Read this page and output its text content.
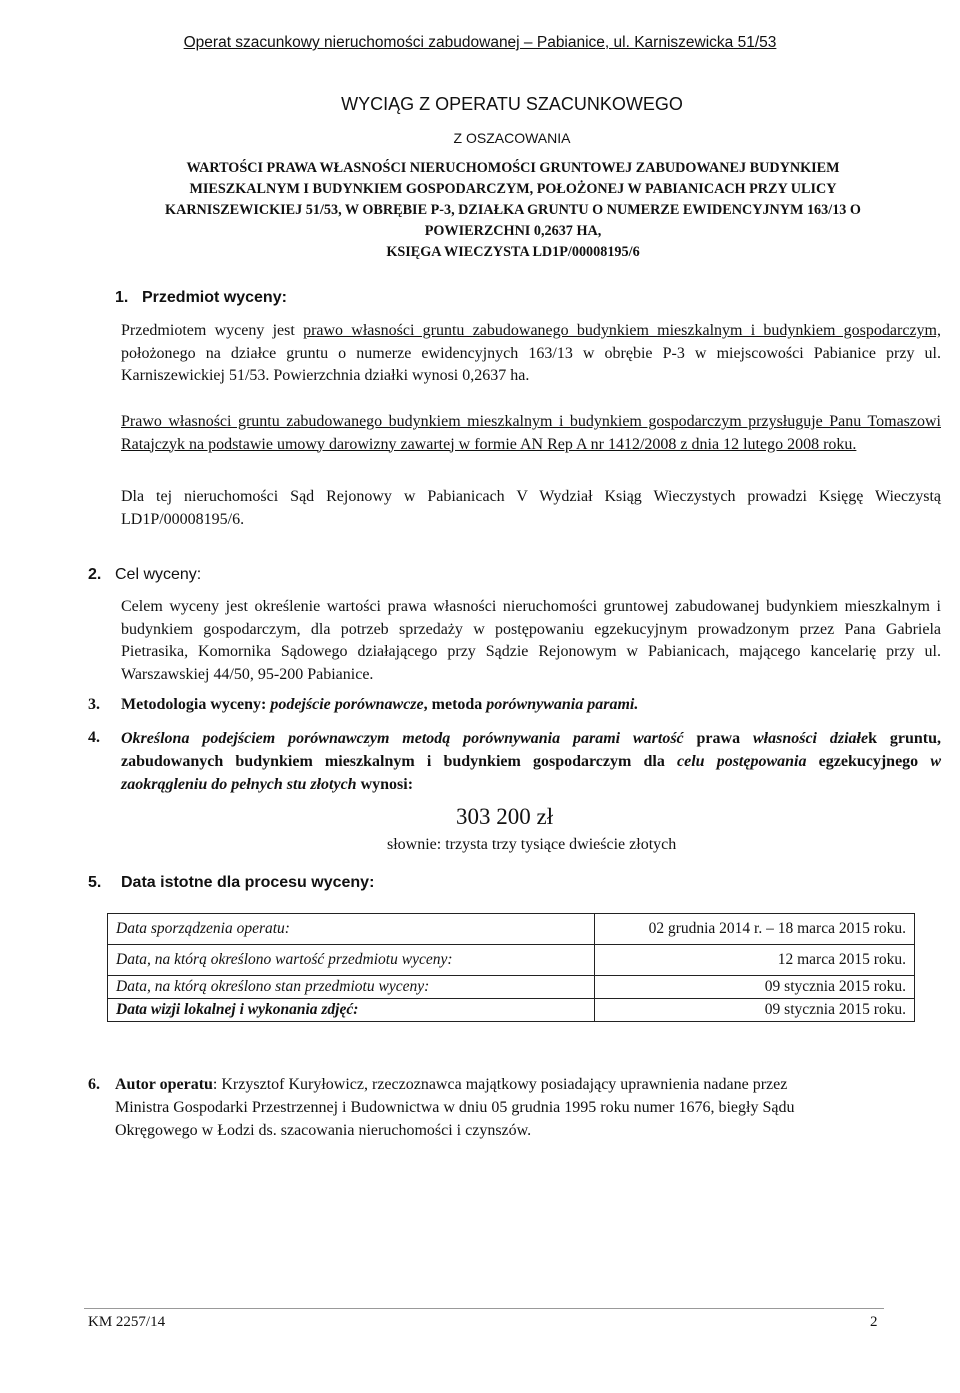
Operat szacunkowy nieruchomości zabudowanej – Pabianice, ul. Karniszewicka 51/53
WYCIĄG Z OPERATU SZACUNKOWEGO
Z OSZACOWANIA
WARTOŚCI PRAWA WŁASNOŚCI NIERUCHOMOŚCI GRUNTOWEJ ZABUDOWANEJ BUDYNKIEM
MIESZKALNYM I BUDYNKIEM GOSPODARCZYM, POŁOŻONEJ W PABIANICACH PRZY ULICY
KARNISZEWICKIEJ 51/53, W OBRĘBIE P-3, DZIAŁKA GRUNTU O NUMERZE EWIDENCYJNYM 163/13 O
POWIERZCHNI 0,2637 HA,
KSIĘGA WIECZYSTA LD1P/00008195/6
1. Przedmiot wyceny:
Przedmiotem wyceny jest prawo własności gruntu zabudowanego budynkiem mieszkalnym i budynkiem gospodarczym, położonego na działce gruntu o numerze ewidencyjnych 163/13 w obrębie P-3 w miejscowości Pabianice przy ul. Karniszewickiej 51/53. Powierzchnia działki wynosi 0,2637 ha.
Prawo własności gruntu zabudowanego budynkiem mieszkalnym i budynkiem gospodarczym przysługuje Panu Tomaszowi Ratajczyk na podstawie umowy darowizny zawartej w formie AN Rep A nr 1412/2008 z dnia 12 lutego 2008 roku.
Dla tej nieruchomości Sąd Rejonowy w Pabianicach V Wydział Ksiąg Wieczystych prowadzi Księgę Wieczystą LD1P/00008195/6.
2. Cel wyceny:
Celem wyceny jest określenie wartości prawa własności nieruchomości gruntowej zabudowanej budynkiem mieszkalnym i budynkiem gospodarczym, dla potrzeb sprzedaży w postępowaniu egzekucyjnym prowadzonym przez Pana Gabriela Pietrasika, Komornika Sądowego działającego przy Sądzie Rejonowym w Pabianicach, mającego kancelarię przy ul. Warszawskiej 44/50, 95-200 Pabianice.
3. Metodologia wyceny: podejście porównawcze, metoda porównywania parami.
4. Określona podejściem porównawczym metodą porównywania parami wartość prawa własności działek gruntu, zabudowanych budynkiem mieszkalnym i budynkiem gospodarczym dla celu postępowania egzekucyjnego w zaokrągleniu do pełnych stu złotych wynosi:
303 200 zł
słownie: trzysta trzy tysiące dwieście złotych
5. Data istotne dla procesu wyceny:
Data sporządzenia operatu:	02 grudnia 2014 r. – 18 marca 2015 roku.
Data, na którą określono wartość przedmiotu wyceny:	12 marca 2015 roku.
Data, na którą określono stan przedmiotu wyceny:	09 stycznia 2015 roku.
Data wizji lokalnej i wykonania zdjęć:	09 stycznia 2015 roku.
6. Autor operatu: Krzysztof Kuryłowicz, rzeczoznawca majątkowy posiadający uprawnienia nadane przez
Ministra Gospodarki Przestrzennej i Budownictwa w dniu 05 grudnia 1995 roku numer 1676, biegły Sądu
Okręgowego w Łodzi ds. szacowania nieruchomości i czynszów.
KM 2257/14	2
